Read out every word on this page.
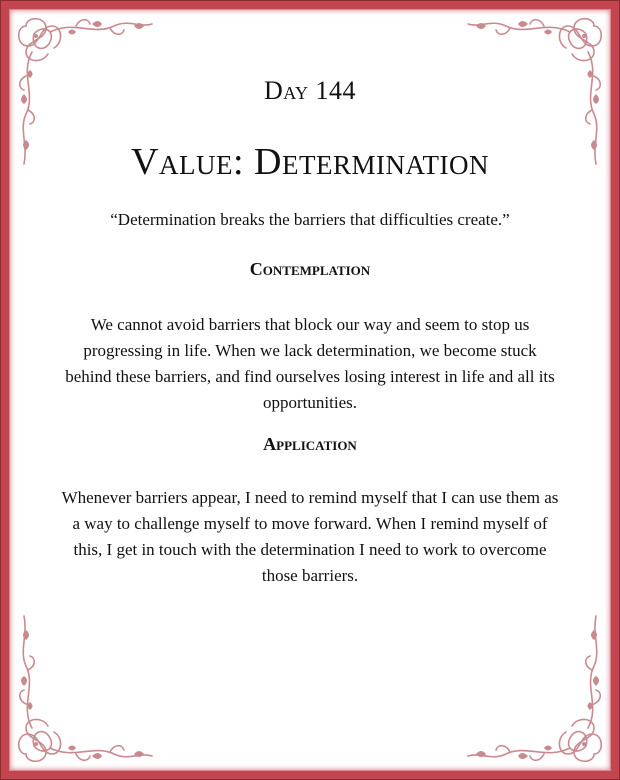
Day 144
Value: Determination
“Determination breaks the barriers that difficulties create.”
Contemplation
We cannot avoid barriers that block our way and seem to stop us progressing in life. When we lack determination, we become stuck behind these barriers, and find ourselves losing interest in life and all its opportunities.
Application
Whenever barriers appear, I need to remind myself that I can use them as a way to challenge myself to move forward. When I remind myself of this, I get in touch with the determination I need to work to overcome those barriers.
